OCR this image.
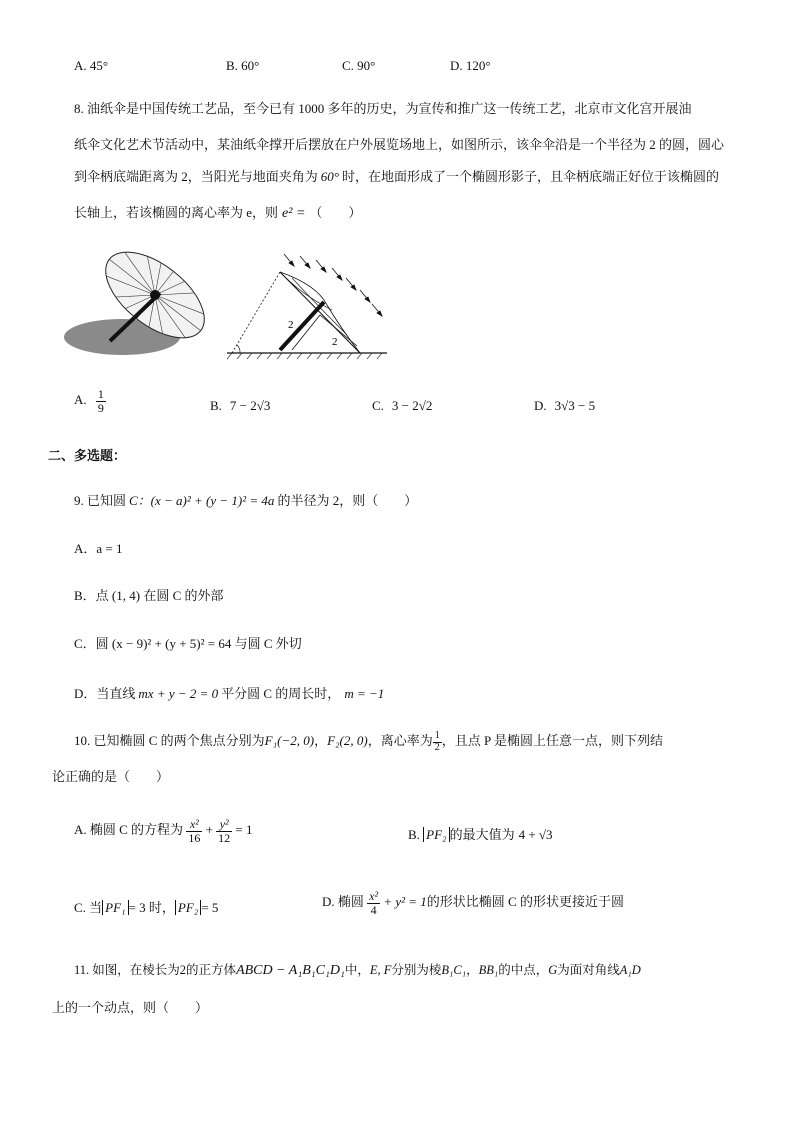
A. 45°	B. 60°	C. 90°	D. 120°
8. 油纸伞是中国传统工艺品，至今已有 1000 多年的历史，为宣传和推广这一传统工艺，北京市文化宫开展油
纸伞文化艺术节活动中，某油纸伞撑开后摆放在户外展览场地上，如图所示，该伞伞沿是一个半径为 2 的圆，圆心
到伞柄底端距离为 2，当阳光与地面夹角为 60° 时，在地面形成了一个椭圆形影子，且伞柄底端正好位于该椭圆的
长轴上，若该椭圆的离心率为 e，则 e² = （　　）
2
2
A. $\frac{1}{9}$	B. 7 − 2√3	C. 3 − 2√2	D. 3√3 − 5
二、多选题：
9. 已知圆 C：(x − a)² + (y − 1)² = 4a 的半径为 2，则（　　）
A．a = 1
B．点 (1, 4) 在圆 C 的外部
C．圆 (x − 9)² + (y + 5)² = 64 与圆 C 外切
D．当直线 mx + y − 2 = 0 平分圆 C 的周长时， m = −1
10. 已知椭圆 C 的两个焦点分别为F₁(−2, 0)，F₂(2, 0)，离心率为 $\frac{1}{2}$ ，且点 P 是椭圆上任意一点，则下列结
论正确的是（　　）
A. 椭圆 C 的方程为 $\frac{\text{x²}}{16} + \frac{\text{y²}}{12} = 1$	B. PF₂ 的最大值为 4 + √3
C. 当 PF₁ = 3 时， PF₂ = 5	D. 椭圆 $\frac{\text{x²}}{4} + y^2 = 1$的形状比椭圆 C 的形状更接近于圆
11. 如图，在棱长为2的正方体ABCD − A₁B₁C₁D₁中，E, F分别为棱B₁C₁，BB₁的中点，G为面对角线A₁D
上的一个动点，则（　　）
